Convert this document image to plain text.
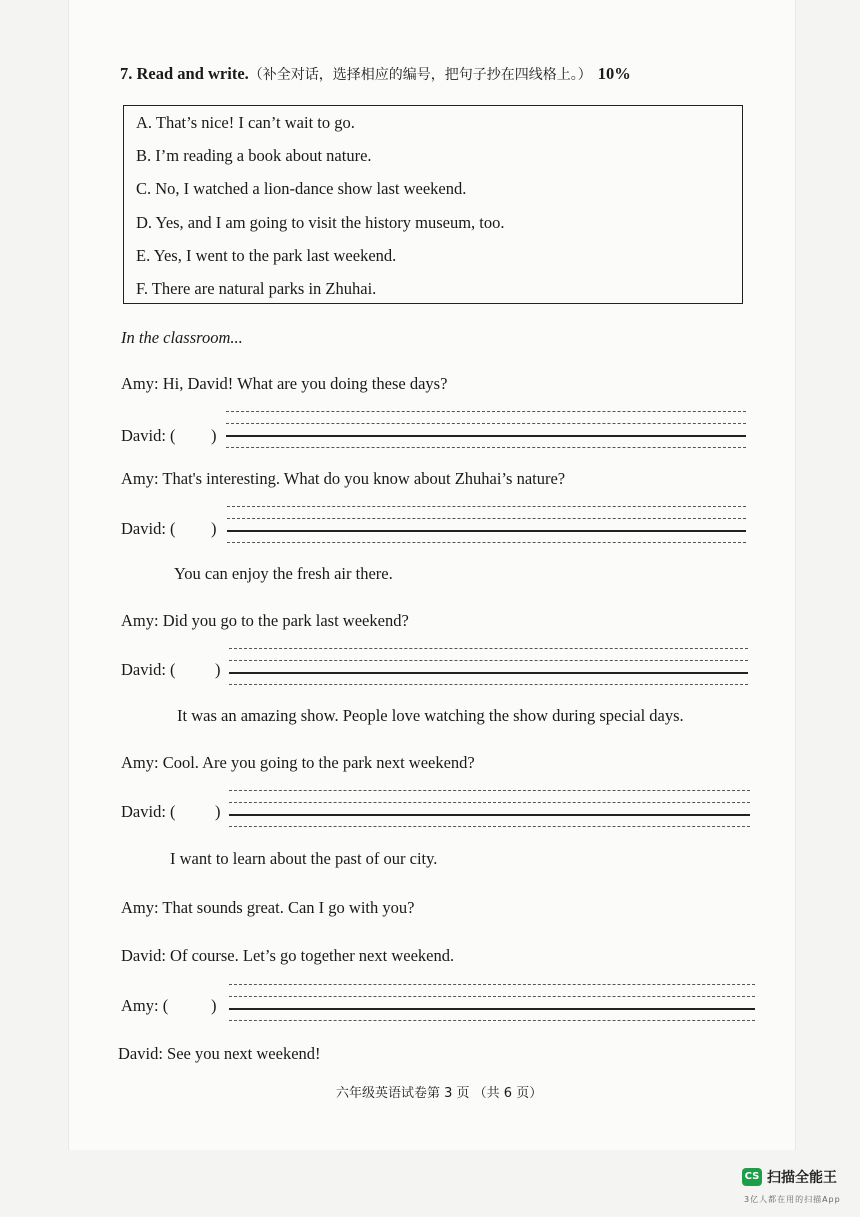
7. Read and write.（补全对话，选择相应的编号，把句子抄在四线格上。） 10%
A. That’s nice! I can’t wait to go.
B. I’m reading a book about nature.
C. No, I watched a lion-dance show last weekend.
D. Yes, and I am going to visit the history museum, too.
E. Yes, I went to the park last weekend.
F. There are natural parks in Zhuhai.
In the classroom...
Amy: Hi, David! What are you doing these days?
David: ( )
Amy: That's interesting. What do you know about Zhuhai’s nature?
David: ( )
You can enjoy the fresh air there.
Amy: Did you go to the park last weekend?
David: ( )
It was an amazing show. People love watching the show during special days.
Amy: Cool. Are you going to the park next weekend?
David: ( )
I want to learn about the past of our city.
Amy: That sounds great. Can I go with you?
David: Of course. Let’s go together next weekend.
Amy: (	)
David: See you next weekend!
六年级英语试卷第 3 页 （共 6 页）
CS 扫描全能王
3亿人都在用的扫描App
